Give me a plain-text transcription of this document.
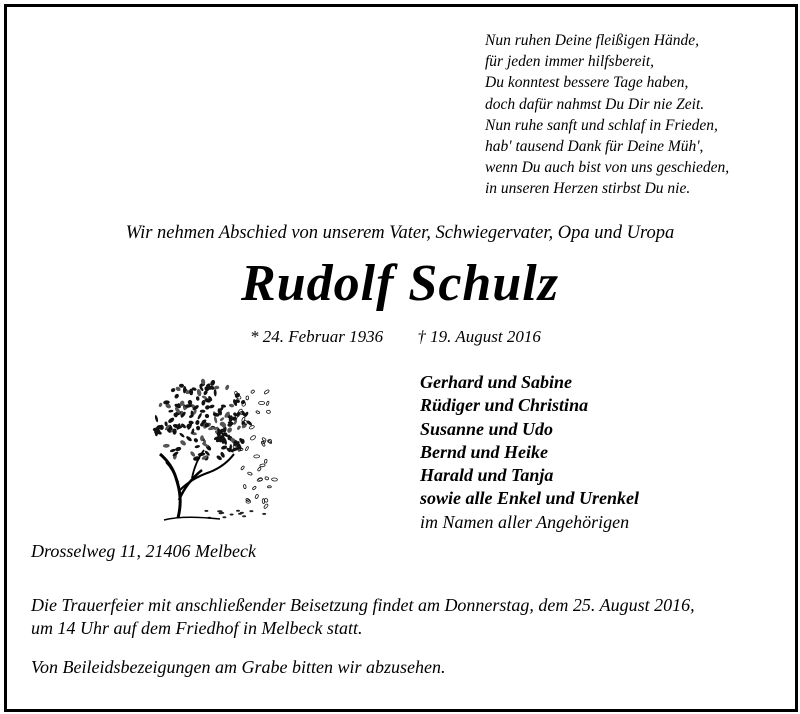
Nun ruhen Deine fleißigen Hände,
für jeden immer hilfsbereit,
Du konntest bessere Tage haben,
doch dafür nahmst Du Dir nie Zeit.
Nun ruhe sanft und schlaf in Frieden,
hab' tausend Dank für Deine Müh',
wenn Du auch bist von uns geschieden,
in unseren Herzen stirbst Du nie.
Wir nehmen Abschied von unserem Vater, Schwiegervater, Opa und Uropa
Rudolf Schulz
* 24. Februar 1936 † 19. August 2016
Gerhard und Sabine
Rüdiger und Christina
Susanne und Udo
Bernd und Heike
Harald und Tanja
sowie alle Enkel und Urenkel
im Namen aller Angehörigen
Drosselweg 11, 21406 Melbeck
Die Trauerfeier mit anschließender Beisetzung findet am Donnerstag, dem 25. August 2016,
um 14 Uhr auf dem Friedhof in Melbeck statt.
Von Beileidsbezeigungen am Grabe bitten wir abzusehen.
